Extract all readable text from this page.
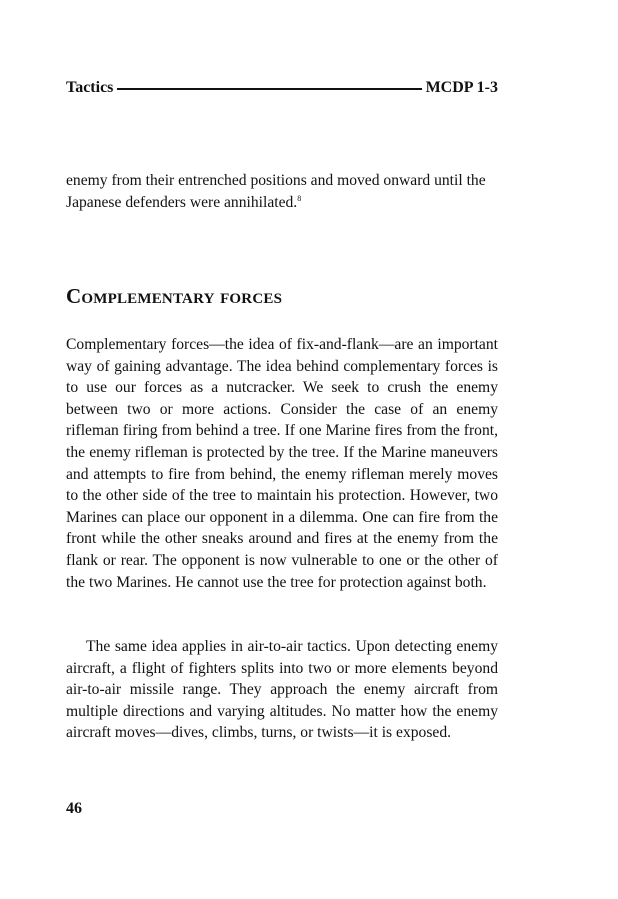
Tactics	MCDP 1-3

enemy from their entrenched positions and moved onward until the Japanese defenders were annihilated.$^8$

Complementary forces

Complementary forces—the idea of fix-and-flank—are an important way of gaining advantage. The idea behind complementary forces is to use our forces as a nutcracker. We seek to crush the enemy between two or more actions. Consider the case of an enemy rifleman firing from behind a tree. If one Marine fires from the front, the enemy rifleman is protected by the tree. If the Marine maneuvers and attempts to fire from behind, the enemy rifleman merely moves to the other side of the tree to maintain his protection. However, two Marines can place our opponent in a dilemma. One can fire from the front while the other sneaks around and fires at the enemy from the flank or rear. The opponent is now vulnerable to one or the other of the two Marines. He cannot use the tree for protection against both.

The same idea applies in air-to-air tactics. Upon detecting enemy aircraft, a flight of fighters splits into two or more elements beyond air-to-air missile range. They approach the enemy aircraft from multiple directions and varying altitudes. No matter how the enemy aircraft moves—dives, climbs, turns, or twists—it is exposed.

46
